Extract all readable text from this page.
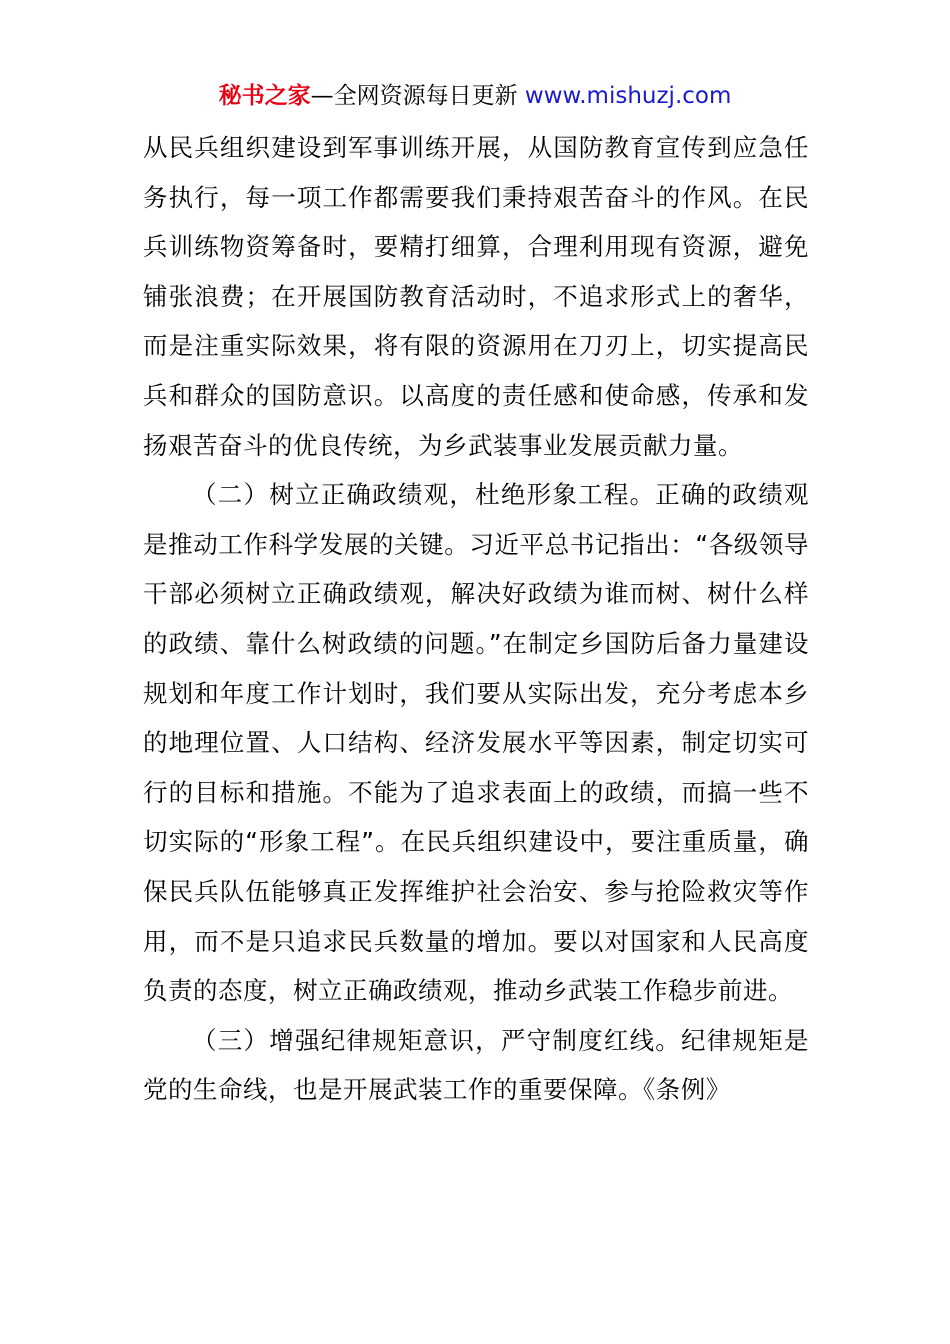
秘书之家—全网资源每日更新 www.mishuzj.com

从民兵组织建设到军事训练开展，从国防教育宣传到应急任务执行，每一项工作都需要我们秉持艰苦奋斗的作风。在民兵训练物资筹备时，要精打细算，合理利用现有资源，避免铺张浪费；在开展国防教育活动时，不追求形式上的奢华，而是注重实际效果，将有限的资源用在刀刃上，切实提高民兵和群众的国防意识。以高度的责任感和使命感，传承和发扬艰苦奋斗的优良传统，为乡武装事业发展贡献力量。

（二）树立正确政绩观，杜绝形象工程。正确的政绩观是推动工作科学发展的关键。习近平总书记指出：“各级领导干部必须树立正确政绩观，解决好政绩为谁而树、树什么样的政绩、靠什么树政绩的问题。”在制定乡国防后备力量建设规划和年度工作计划时，我们要从实际出发，充分考虑本乡的地理位置、人口结构、经济发展水平等因素，制定切实可行的目标和措施。不能为了追求表面上的政绩，而搞一些不切实际的“形象工程”。在民兵组织建设中，要注重质量，确保民兵队伍能够真正发挥维护社会治安、参与抢险救灾等作用，而不是只追求民兵数量的增加。要以对国家和人民高度负责的态度，树立正确政绩观，推动乡武装工作稳步前进。

（三）增强纪律规矩意识，严守制度红线。纪律规矩是党的生命线，也是开展武装工作的重要保障。《条例》
